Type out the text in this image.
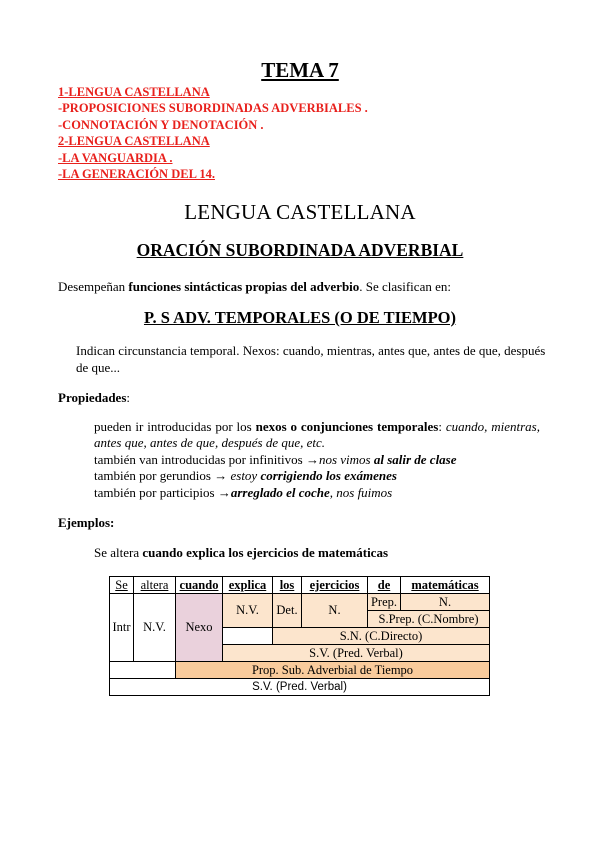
TEMA 7
1-LENGUA CASTELLANA
-PROPOSICIONES SUBORDINADAS ADVERBIALES .
-CONNOTACIÓN Y DENOTACIÓN .
2-LENGUA CASTELLANA
-LA VANGUARDIA .
-LA GENERACIÓN DEL 14.
LENGUA CASTELLANA
ORACIÓN SUBORDINADA ADVERBIAL
Desempeñan funciones sintácticas propias del adverbio. Se clasifican en:
P. S ADV. TEMPORALES (O DE TIEMPO)
Indican circunstancia temporal. Nexos: cuando, mientras, antes que, antes de que, después de que...
Propiedades:
pueden ir introducidas por los nexos o conjunciones temporales: cuando, mientras, antes que, antes de que, después de que, etc.
también van introducidas por infinitivos →nos vimos al salir de clase
también por gerundios → estoy corrigiendo los exámenes
también por participios →arreglado el coche, nos fuimos
Ejemplos:
Se altera cuando explica los ejercicios de matemáticas
Se	altera	cuando	explica	los	ejercicios	de	matemáticas
Intr	N.V.	Nexo	N.V.	Det.	N.	Prep.	N.
						S.Prep. (C.Nombre)	
				S.N. (C.Directo)			
			S.V. (Pred. Verbal)				
		Prop. Sub. Adverbial de Tiempo					
S.V. (Pred. Verbal)							
